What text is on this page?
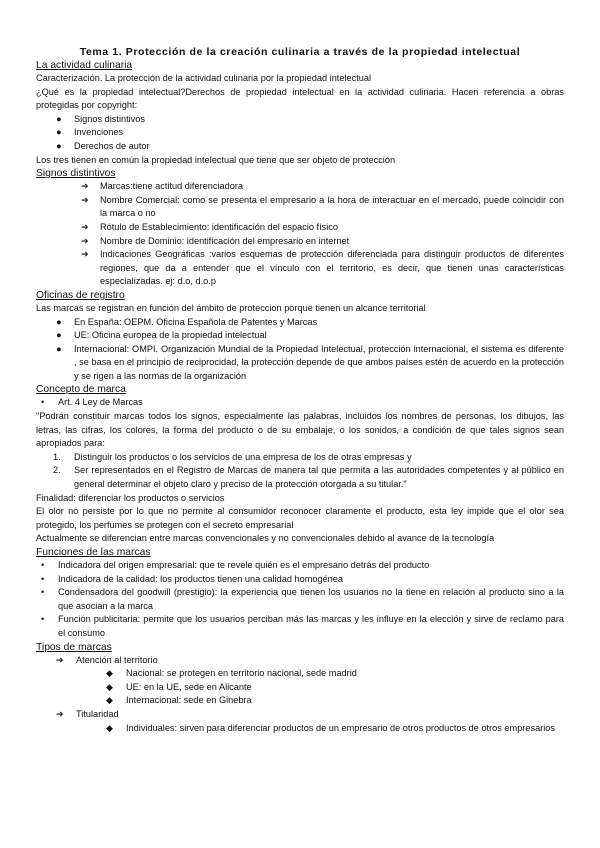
Tema 1. Protección de la creación culinaria a través de la propiedad intelectual
La actividad culinaria

Caracterización. La protección de la actividad culinaria por la propiedad intelectual

¿Qué es la propiedad intelectual?Derechos de propiedad intelectual en la actividad culinaria. Hacen referencia a obras protegidas por copyright:

● Signos distintivos
● Invenciones
● Derechos de autor

Los tres tienen en común la propiedad intelectual que tiene que ser objeto de protección

Signos distintivos
➔ Marcas:tiene actitud diferenciadora
➔ Nombre Comercial: como se presenta el empresario a la hora de interactuar en el mercado, puede coincidir con la marca o no
➔ Rótulo de Establecimiento: identificación del espacio físico
➔ Nombre de Dominio: identificación del empresario en internet
➔ Indicaciones Geográficas :varios esquemas de protección diferenciada para distinguir productos de diferentes regiones, que da a entender que el vínculo con el territorio, es decir, que tienen unas características especializadas. ej: d.o, d.o.p
Oficinas de registro

Las marcas se registran en función del ámbito de proteccion porque tienen un alcance territorial

● En España: OEPM. Oficina Española de Patentes y Marcas
● UE: Oficina europea de la propiedad intelectual
● Internacional: OMPI. Organización Mundial de la Propiedad Intelectual, protección internacional, el sistema es diferente , se basa en el principio de reciprocidad, la protección depende de que ambos países estén de acuerdo en la protección y se rigen a las normas de la organización
Concepto de marca
• Art. 4 Ley de Marcas

"Podrán constituir marcas todos los signos, especialmente las palabras, incluidos los nombres de personas, los dibujos, las letras, las cifras, los colores, la forma del producto o de su embalaje, o los sonidos, a condición de que tales signos sean apropiados para:

1. Distinguir los productos o los servicios de una empresa de los de otras empresas y
2. Ser representados en el Registro de Marcas de manera tal que permita a las autoridades competentes y al público en general determinar el objeto claro y preciso de la protección otorgada a su titular."

Finalidad: diferenciar los productos o servicios

El olor no persiste por lo que no permite al consumidor reconocer claramente el producto, esta ley impide que el olor sea protegido, los perfumes se protegen con el secreto empresarial

Actualmente se diferencian entre marcas convencionales y no convencionales debido al avance de la tecnología

Funciones de las marcas
• Indicadora del origen empresarial: que te revele quién es el empresario detrás del producto
• Indicadora de la calidad: los productos tienen una calidad homogénea
• Condensadora del goodwill (prestigio): la experiencia que tienen los usuarios no la tiene en relación al producto sino a la que asocian a la marca
• Función publicitaria: permite que los usuarios perciban más las marcas y les influye en la elección y sirve de reclamo para el consumo
Tipos de marcas
➔ Atención al territorio
◆ Nacional: se protegen en territorio nacional, sede madrid
◆ UE: en la UE, sede en Alicante
◆ Internacional: sede en Ginebra
➔ Titularidad
◆ Individuales: sirven para diferenciar productos de un empresario de otros productos de otros empresarios
